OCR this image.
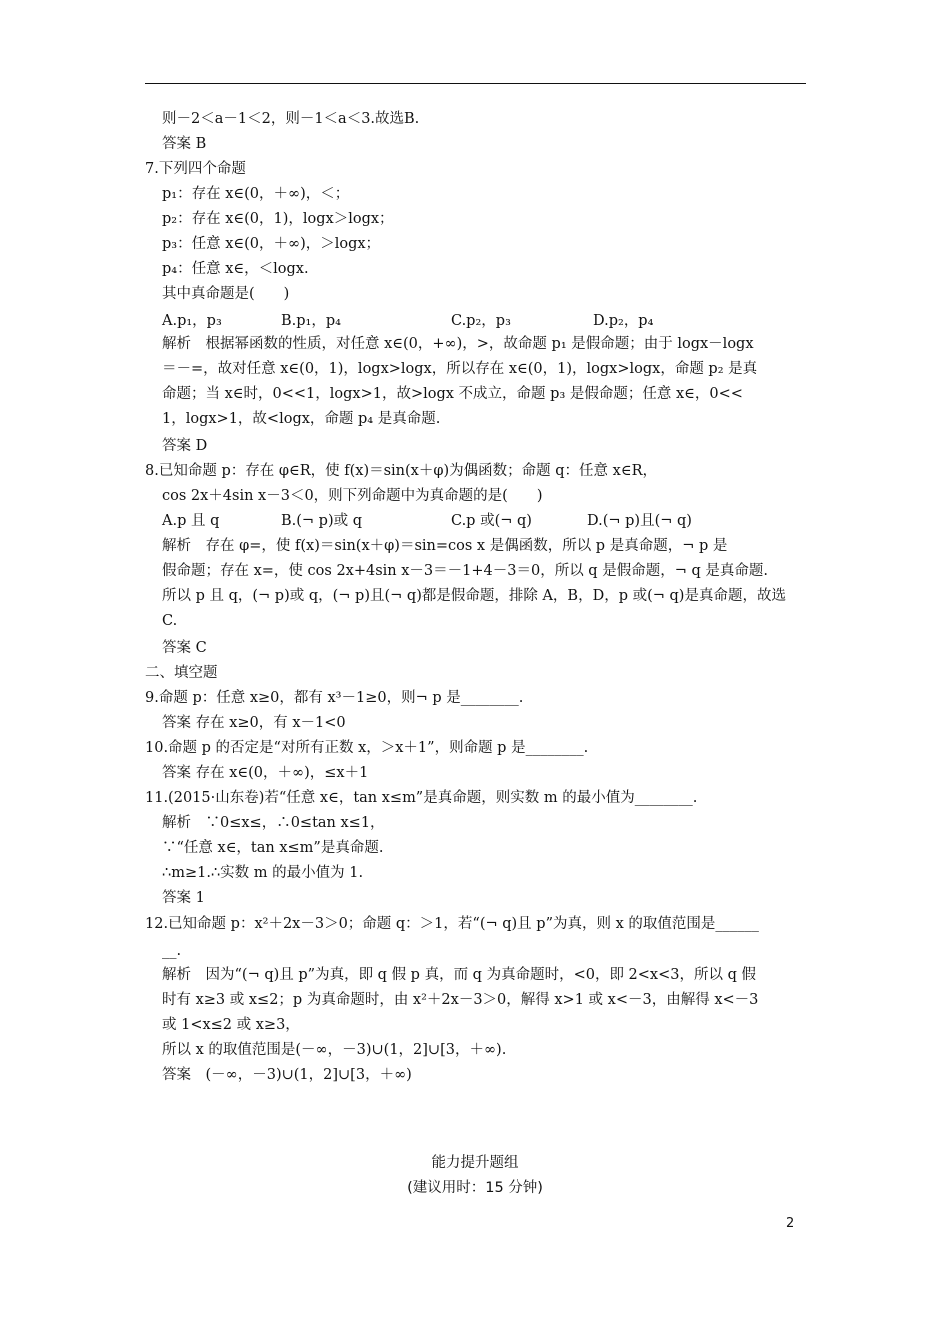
则－2＜a－1＜2，则－1＜a＜3.故选B.
答案 B
7.下列四个命题
p₁：存在 x∈(0，＋∞)，＜；
p₂：存在 x∈(0，1)，logx＞logx；
p₃：任意 x∈(0，＋∞)，＞logx；
p₄：任意 x∈，＜logx.
其中真命题是(　　)
解析　根据幂函数的性质，对任意 x∈(0，+∞)，>，故命题 p₁ 是假命题；由于 logx－logx
＝－=，故对任意 x∈(0，1)，logx>logx，所以存在 x∈(0，1)，logx>logx，命题 p₂ 是真
命题；当 x∈时，0<<1，logx>1，故>logx 不成立，命题 p₃ 是假命题；任意 x∈，0<<
1，logx>1，故<logx，命题 p₄ 是真命题.
答案 D
8.已知命题 p：存在 φ∈R，使 f(x)＝sin(x＋φ)为偶函数；命题 q：任意 x∈R，
cos 2x＋4sin x－3＜0，则下列命题中为真命题的是(　　)
解析　存在 φ=，使 f(x)＝sin(x＋φ)＝sin=cos x 是偶函数，所以 p 是真命题，¬ p 是
假命题；存在 x=，使 cos 2x+4sin x－3＝－1+4－3＝0，所以 q 是假命题，¬ q 是真命题.
所以 p 且 q，(¬ p)或 q，(¬ p)且(¬ q)都是假命题，排除 A，B，D，p 或(¬ q)是真命题，故选
C.
答案 C
二、填空题
9.命题 p：任意 x≥0，都有 x³－1≥0，则¬ p 是________.
答案 存在 x≥0，有 x－1<0
10.命题 p 的否定是“对所有正数 x，＞x＋1”，则命题 p 是________.
答案 存在 x∈(0，＋∞)，≤x＋1
11.(2015·山东卷)若“任意 x∈，tan x≤m”是真命题，则实数 m 的最小值为________.
解析　∵0≤x≤，∴0≤tan x≤1，
∵“任意 x∈，tan x≤m”是真命题.
∴m≥1.∴实数 m 的最小值为 1.
答案 1
12.已知命题 p：x²＋2x－3＞0；命题 q：＞1，若“(¬ q)且 p”为真，则 x 的取值范围是______
__.
解析　因为“(¬ q)且 p”为真，即 q 假 p 真，而 q 为真命题时，<0，即 2<x<3，所以 q 假
时有 x≥3 或 x≤2；p 为真命题时，由 x²＋2x－3＞0，解得 x>1 或 x<－3，由解得 x<－3
或 1<x≤2 或 x≥3，
所以 x 的取值范围是(－∞，－3)∪(1，2]∪[3，＋∞).
答案　(－∞，－3)∪(1，2]∪[3，＋∞)
A.p₁，p₃	B.p₁，p₄	C.p₂，p₃	D.p₂，p₄
A.p 且 q	B.(¬ p)或 q	C.p 或(¬ q)	D.(¬ p)且(¬ q)
能力提升题组
(建议用时：15 分钟)
2
